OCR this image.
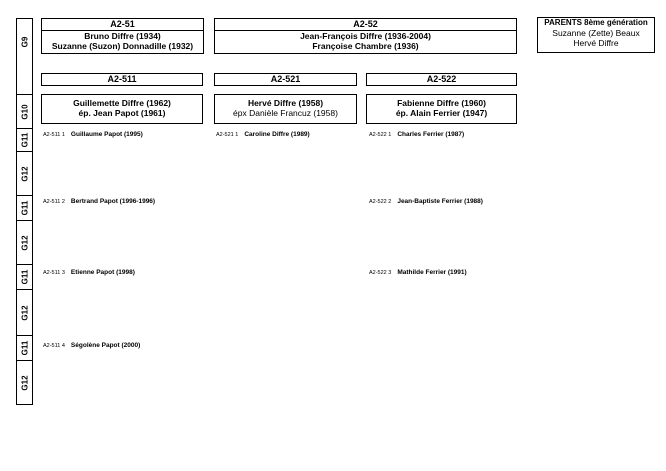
G9
G10
G11
G12
G11
G12
G11
G12
G11
G12
A2-51
Bruno Diffre (1934)
Suzanne (Suzon) Donnadille (1932)
A2-52
Jean-François Diffre (1936-2004)
Françoise Chambre (1936)
PARENTS 8ème génération
Suzanne (Zette) Beaux
Hervé Diffre
A2-511	A2-521	A2-522
Guillemette Diffre (1962)
ép. Jean Papot (1961)
Hervé Diffre (1958)
épx Danièle Francuz (1958)
Fabienne Diffre (1960)
ép. Alain Ferrier (1947)
A2-511 1 Guillaume Papot (1995)
A2-511 2 Bertrand Papot (1996-1996)
A2-511 3 Etienne Papot (1998)
A2-511 4 Ségolène Papot (2000)
A2-521 1 Caroline Diffre (1989)	A2-522 1 Charles Ferrier (1987)
A2-522 2 Jean-Baptiste Ferrier (1988)
A2-522 3 Mathilde Ferrier (1991)
